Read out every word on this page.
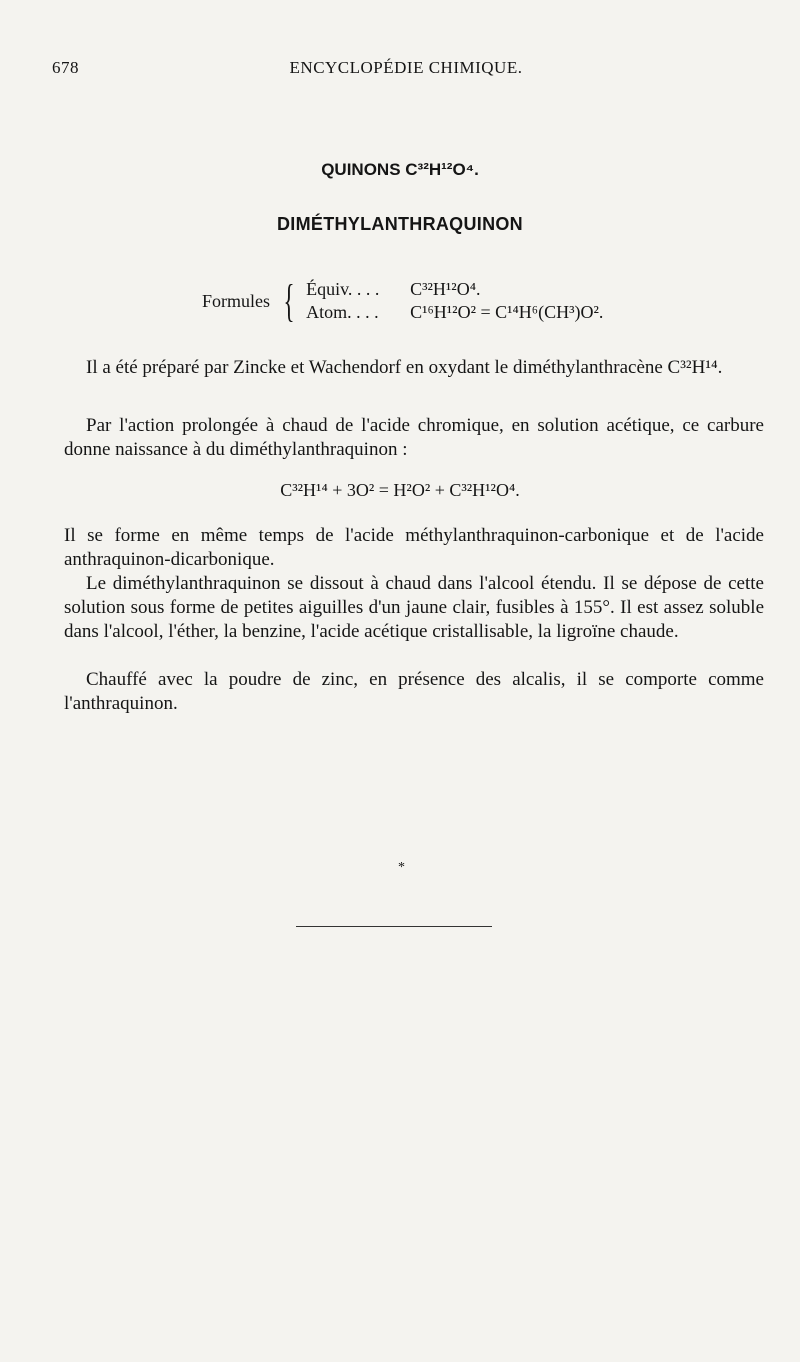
678	ENCYCLOPÉDIE CHIMIQUE.
QUINONS C³²H¹²O⁴.
DIMÉTHYLANTHRAQUINON
Formules { Équiv. . . .	C³²H¹²O⁴.
Atom. . . .	C¹⁶H¹²O² = C¹⁴H⁶(CH³)O².

Il a été préparé par Zincke et Wachendorf en oxydant le diméthylanthracène C³²H¹⁴.

Par l'action prolongée à chaud de l'acide chromique, en solution acétique, ce carbure donne naissance à du diméthylanthraquinon :

C³²H¹⁴ + 3O² = H²O² + C³²H¹²O⁴.

Il se forme en même temps de l'acide méthylanthraquinon-carbonique et de l'acide anthraquinon-dicarbonique.

Le diméthylanthraquinon se dissout à chaud dans l'alcool étendu. Il se dépose de cette solution sous forme de petites aiguilles d'un jaune clair, fusibles à 155°. Il est assez soluble dans l'alcool, l'éther, la benzine, l'acide acétique cristallisable, la ligroïne chaude.

Chauffé avec la poudre de zinc, en présence des alcalis, il se comporte comme l'anthraquinon.

*
